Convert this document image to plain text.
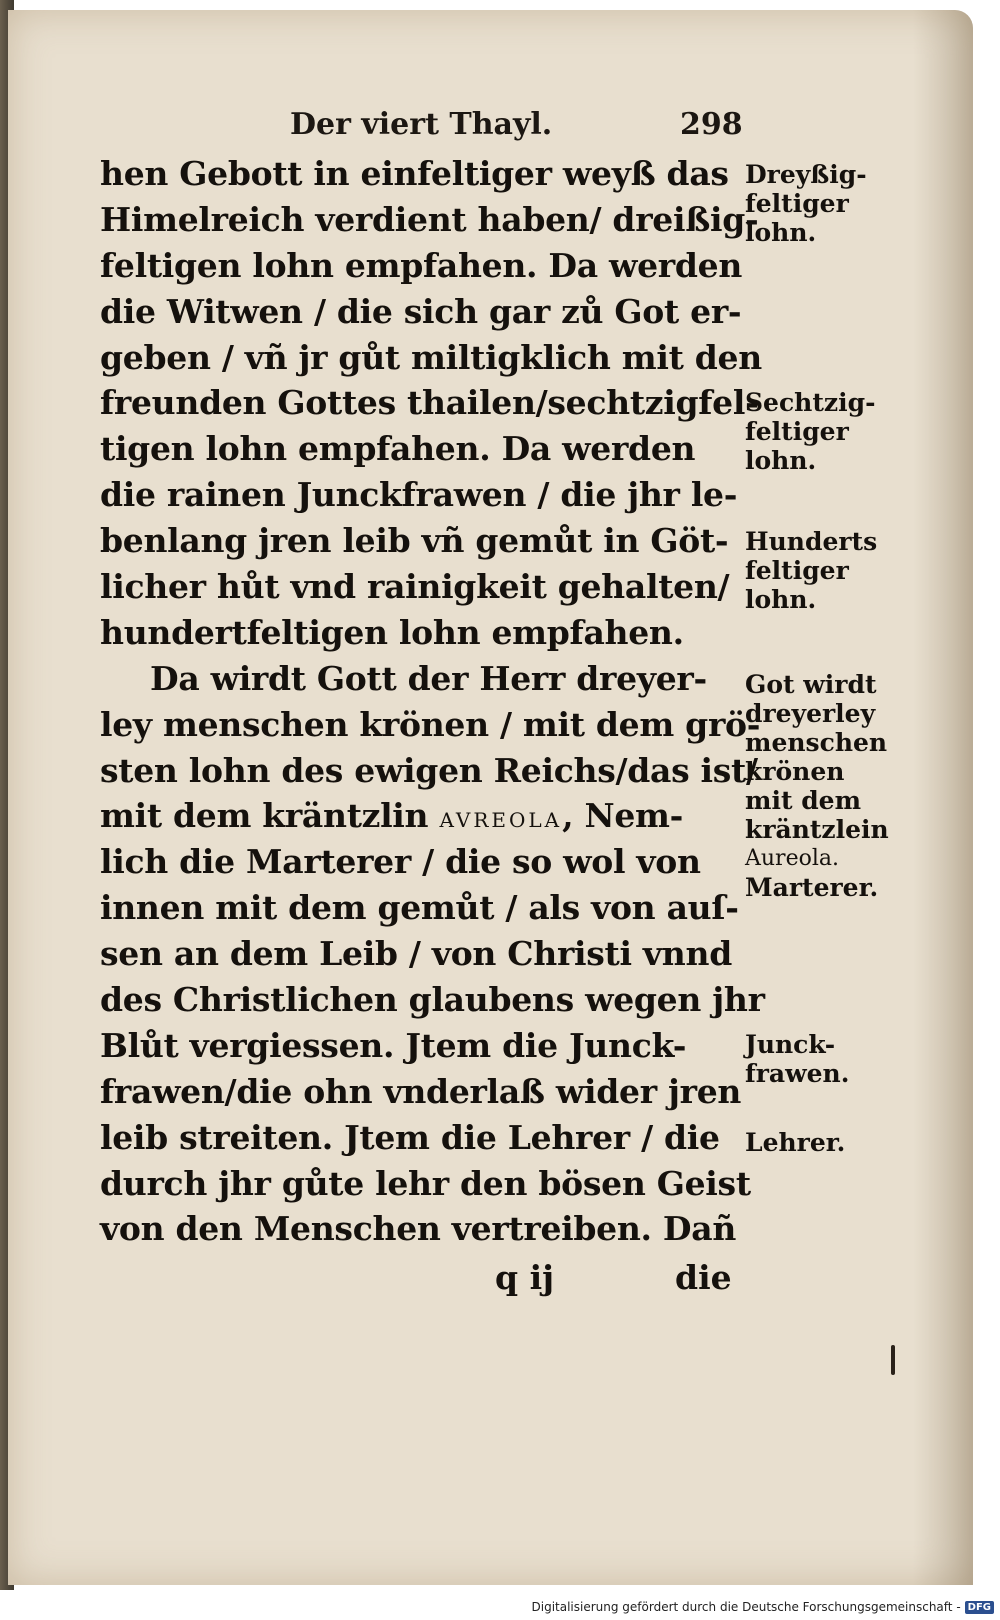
Der viert Thayl.	298
hen Gebott in einfeltiger weyß das
Himelreich verdient haben/ dreißig-
feltigen lohn empfahen. Da werden
die Witwen / die sich gar zů Got er-
geben / vñ jr gůt miltigklich mit den
freunden Gottes thailen/sechtzigfel-
tigen lohn empfahen. Da werden
die rainen Junckfrawen / die jhr le-
benlang jren leib vñ gemůt in Göt-
licher hůt vnd rainigkeit gehalten/
hundertfeltigen lohn empfahen.
Da wirdt Gott der Herr dreyer-
ley menschen krönen / mit dem grö-
sten lohn des ewigen Reichs/das ist/
mit dem kräntzlin AVREOLA, Nem-
lich die Marterer / die so wol von
innen mit dem gemůt / als von auſ-
sen an dem Leib / von Christi vnnd
des Christlichen glaubens wegen jhr
Blůt vergiessen. Jtem die Junck-
frawen/die ohn vnderlaß wider jren
leib streiten. Jtem die Lehrer / die
durch jhr gůte lehr den bösen Geist
von den Menschen vertreiben. Dañ
Dreyßig-
feltiger
lohn.
Sechtzig-
feltiger
lohn.
Hunderts
feltiger
lohn.
Got wirdt
dreyerley
menschen
krönen
mit dem
kräntzlein
Aureola.
Marterer.
Junck-
frawen.
Lehrer.
q ij	die
Digitalisierung gefördert durch die Deutsche Forschungsgemeinschaft - DFG
